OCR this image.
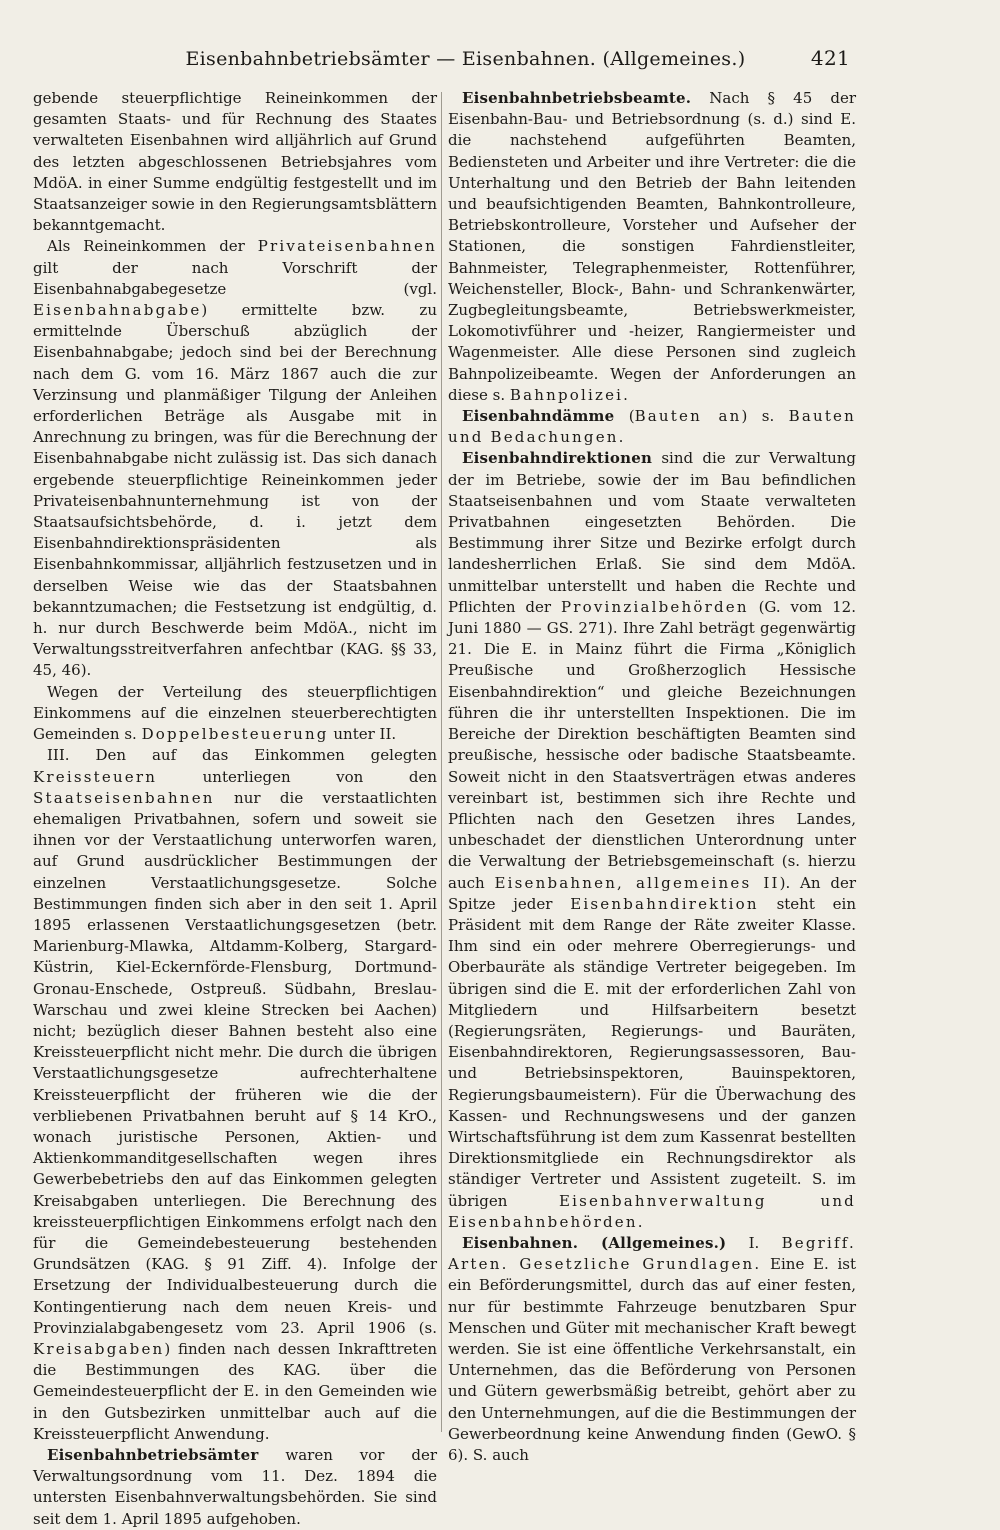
Eisenbahnbetriebsämter — Eisenbahnen. (Allgemeines.)	421

gebende steuerpflichtige Reineinkommen der gesamten Staats- und für Rechnung des Staates verwalteten Eisenbahnen wird alljährlich auf Grund des letzten abgeschlossenen Betriebsjahres vom MdöA. in einer Summe endgültig festgestellt und im Staatsanzeiger sowie in den Regierungsamtsblättern bekanntgemacht.

Als Reineinkommen der Privateisenbahnen gilt der nach Vorschrift der Eisenbahnabgabegesetze (vgl. Eisenbahnabgabe) ermittelte bzw. zu ermittelnde Überschuß abzüglich der Eisenbahnabgabe; jedoch sind bei der Berechnung nach dem G. vom 16. März 1867 auch die zur Verzinsung und planmäßiger Tilgung der Anleihen erforderlichen Beträge als Ausgabe mit in Anrechnung zu bringen, was für die Berechnung der Eisenbahnabgabe nicht zulässig ist. Das sich danach ergebende steuerpflichtige Reineinkommen jeder Privateisenbahnunternehmung ist von der Staatsaufsichtsbehörde, d. i. jetzt dem Eisenbahndirektionspräsidenten als Eisenbahnkommissar, alljährlich festzusetzen und in derselben Weise wie das der Staatsbahnen bekanntzumachen; die Festsetzung ist endgültig, d. h. nur durch Beschwerde beim MdöA., nicht im Verwaltungsstreitverfahren anfechtbar (KAG. §§ 33, 45, 46).

Wegen der Verteilung des steuerpflichtigen Einkommens auf die einzelnen steuerberechtigten Gemeinden s. Doppelbesteuerung unter II.

III. Den auf das Einkommen gelegten Kreissteuern unterliegen von den Staatseisenbahnen nur die verstaatlichten ehemaligen Privatbahnen, sofern und soweit sie ihnen vor der Verstaatlichung unterworfen waren, auf Grund ausdrücklicher Bestimmungen der einzelnen Verstaatlichungsgesetze. Solche Bestimmungen finden sich aber in den seit 1. April 1895 erlassenen Verstaatlichungsgesetzen (betr. Marienburg-Mlawka, Altdamm-Kolberg, Stargard-Küstrin, Kiel-Eckernförde-Flensburg, Dortmund-Gronau-Enschede, Ostpreuß. Südbahn, Breslau-Warschau und zwei kleine Strecken bei Aachen) nicht; bezüglich dieser Bahnen besteht also eine Kreissteuerpflicht nicht mehr. Die durch die übrigen Verstaatlichungsgesetze aufrechterhaltene Kreissteuerpflicht der früheren wie die der verbliebenen Privatbahnen beruht auf § 14 KrO., wonach juristische Personen, Aktien- und Aktienkommanditgesellschaften wegen ihres Gewerbebetriebs den auf das Einkommen gelegten Kreisabgaben unterliegen. Die Berechnung des kreissteuerpflichtigen Einkommens erfolgt nach den für die Gemeindebesteuerung bestehenden Grundsätzen (KAG. § 91 Ziff. 4). Infolge der Ersetzung der Individualbesteuerung durch die Kontingentierung nach dem neuen Kreis- und Provinzialabgabengesetz vom 23. April 1906 (s. Kreisabgaben) finden nach dessen Inkrafttreten die Bestimmungen des KAG. über die Gemeindesteuerpflicht der E. in den Gemeinden wie in den Gutsbezirken unmittelbar auch auf die Kreissteuerpflicht Anwendung.

Eisenbahnbetriebsämter waren vor der Verwaltungsordnung vom 11. Dez. 1894 die untersten Eisenbahnverwaltungsbehörden. Sie sind seit dem 1. April 1895 aufgehoben.

Eisenbahnbetriebsbeamte. Nach § 45 der Eisenbahn-Bau- und Betriebsordnung (s. d.) sind E. die nachstehend aufgeführten Beamten, Bediensteten und Arbeiter und ihre Vertreter: die die Unterhaltung und den Betrieb der Bahn leitenden und beaufsichtigenden Beamten, Bahnkontrolleure, Betriebskontrolleure, Vorsteher und Aufseher der Stationen, die sonstigen Fahrdienstleiter, Bahnmeister, Telegraphenmeister, Rottenführer, Weichensteller, Block-, Bahn- und Schrankenwärter, Zugbegleitungsbeamte, Betriebswerkmeister, Lokomotivführer und -heizer, Rangiermeister und Wagenmeister. Alle diese Personen sind zugleich Bahnpolizeibeamte. Wegen der Anforderungen an diese s. Bahnpolizei.

Eisenbahndämme (Bauten an) s. Bauten und Bedachungen.

Eisenbahndirektionen sind die zur Verwaltung der im Betriebe, sowie der im Bau befindlichen Staatseisenbahnen und vom Staate verwalteten Privatbahnen eingesetzten Behörden. Die Bestimmung ihrer Sitze und Bezirke erfolgt durch landesherrlichen Erlaß. Sie sind dem MdöA. unmittelbar unterstellt und haben die Rechte und Pflichten der Provinzialbehörden (G. vom 12. Juni 1880 — GS. 271). Ihre Zahl beträgt gegenwärtig 21. Die E. in Mainz führt die Firma „Königlich Preußische und Großherzoglich Hessische Eisenbahndirektion“ und gleiche Bezeichnungen führen die ihr unterstellten Inspektionen. Die im Bereiche der Direktion beschäftigten Beamten sind preußische, hessische oder badische Staatsbeamte. Soweit nicht in den Staatsverträgen etwas anderes vereinbart ist, bestimmen sich ihre Rechte und Pflichten nach den Gesetzen ihres Landes, unbeschadet der dienstlichen Unterordnung unter die Verwaltung der Betriebsgemeinschaft (s. hierzu auch Eisenbahnen, allgemeines II). An der Spitze jeder Eisenbahndirektion steht ein Präsident mit dem Range der Räte zweiter Klasse. Ihm sind ein oder mehrere Oberregierungs- und Oberbauräte als ständige Vertreter beigegeben. Im übrigen sind die E. mit der erforderlichen Zahl von Mitgliedern und Hilfsarbeitern besetzt (Regierungsräten, Regierungs- und Bauräten, Eisenbahndirektoren, Regierungsassessoren, Bau- und Betriebsinspektoren, Bauinspektoren, Regierungsbaumeistern). Für die Überwachung des Kassen- und Rechnungswesens und der ganzen Wirtschaftsführung ist dem zum Kassenrat bestellten Direktionsmitgliede ein Rechnungsdirektor als ständiger Vertreter und Assistent zugeteilt. S. im übrigen Eisenbahnverwaltung und Eisenbahnbehörden.

Eisenbahnen. (Allgemeines.) I. Begriff. Arten. Gesetzliche Grundlagen. Eine E. ist ein Beförderungsmittel, durch das auf einer festen, nur für bestimmte Fahrzeuge benutzbaren Spur Menschen und Güter mit mechanischer Kraft bewegt werden. Sie ist eine öffentliche Verkehrsanstalt, ein Unternehmen, das die Beförderung von Personen und Gütern gewerbsmäßig betreibt, gehört aber zu den Unternehmungen, auf die die Bestimmungen der Gewerbeordnung keine Anwendung finden (GewO. § 6). S. auch
